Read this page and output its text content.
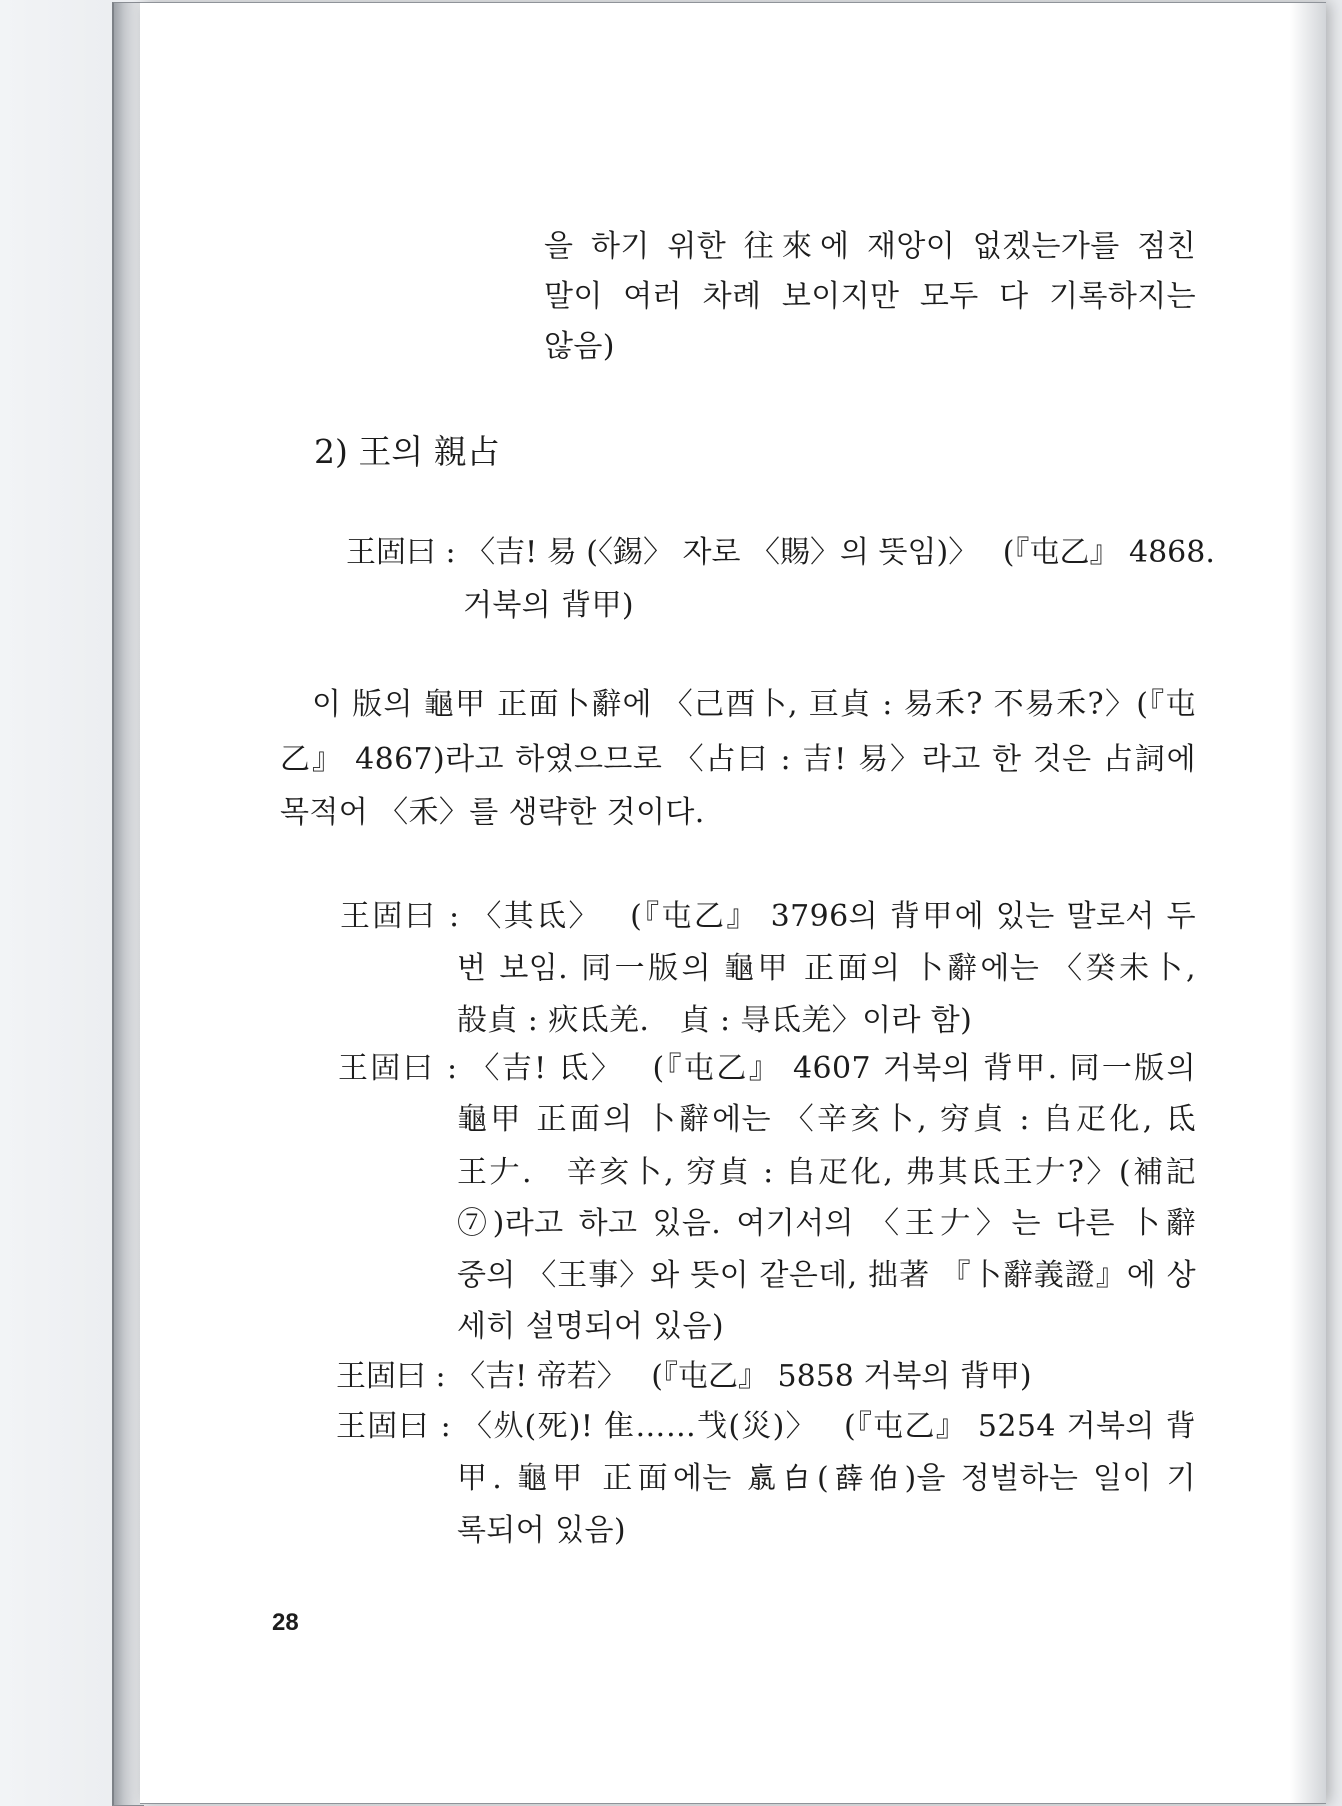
을 하기 위한 往來에 재앙이 없겠는가를 점친

말이 여러 차례 보이지만 모두 다 기록하지는

않음)

2) 王의 親占

王固曰 : 〈吉! 易 (〈錫〉 자로 〈賜〉의 뜻임)〉　 (『屯乙』 4868.

거북의 背甲)

이 版의 龜甲 正面卜辭에 〈己酉卜, 亘貞 : 易禾? 不易禾?〉(『屯

乙』 4867)라고 하였으므로 〈占曰 : 吉! 易〉라고 한 것은 占詞에

목적어 〈禾〉를 생략한 것이다.

王固曰 : 〈其氐〉　 (『屯乙』 3796의 背甲에 있는 말로서 두

번 보임. 同一版의 龜甲 正面의 卜辭에는 〈癸未卜,

㱿貞 : 疢氐羌.　貞 : 㝵氐羌〉이라 함)

王固曰 : 〈吉! 氐〉　 (『屯乙』 4607 거북의 背甲. 同一版의

龜甲 正面의 卜辭에는 〈辛亥卜, 穷貞 : 𠂤疋化, 氐

王𠂇.　辛亥卜, 穷貞 : 𠂤疋化, 弗其氐王𠂇?〉(補記

⑦)라고 하고 있음. 여기서의 〈王𠂇〉는 다른 卜辭

중의 〈王事〉와 뜻이 같은데, 拙著 『卜辭義證』에 상

세히 설명되어 있음)

王固曰 : 〈吉! 帝若〉　 (『屯乙』 5858 거북의 背甲)

王固曰 : 〈𣦸(死)! 隹……𢦏(災)〉　 (『屯乙』 5254 거북의 背

甲. 龜甲 正面에는 𦝠白(薛伯)을 정벌하는 일이 기

록되어 있음)

28
